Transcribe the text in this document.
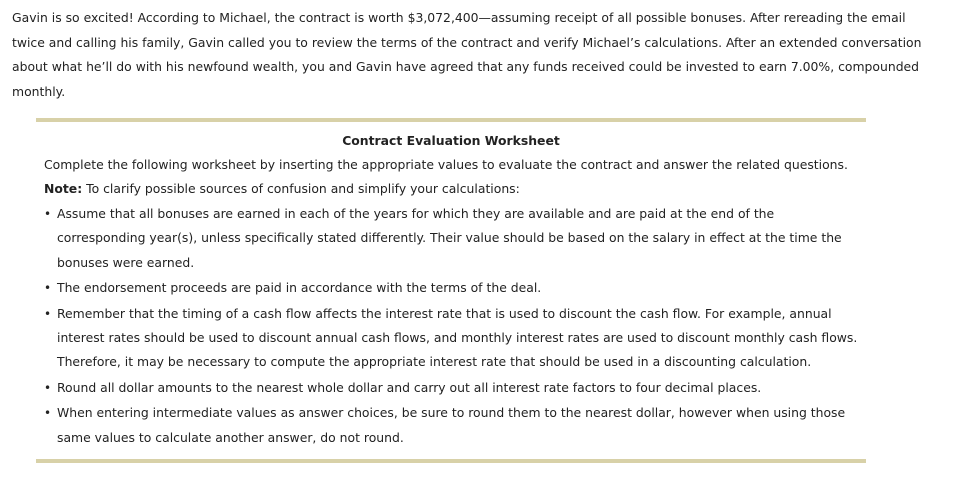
Gavin is so excited! According to Michael, the contract is worth $3,072,400—assuming receipt of all possible bonuses. After rereading the email twice and calling his family, Gavin called you to review the terms of the contract and verify Michael’s calculations. After an extended conversation about what he’ll do with his newfound wealth, you and Gavin have agreed that any funds received could be invested to earn 7.00%, compounded monthly.

Contract Evaluation Worksheet
Complete the following worksheet by inserting the appropriate values to evaluate the contract and answer the related questions.
Note: To clarify possible sources of confusion and simplify your calculations:
• Assume that all bonuses are earned in each of the years for which they are available and are paid at the end of the corresponding year(s), unless specifically stated differently. Their value should be based on the salary in effect at the time the bonuses were earned.
• The endorsement proceeds are paid in accordance with the terms of the deal.
• Remember that the timing of a cash flow affects the interest rate that is used to discount the cash flow. For example, annual interest rates should be used to discount annual cash flows, and monthly interest rates are used to discount monthly cash flows. Therefore, it may be necessary to compute the appropriate interest rate that should be used in a discounting calculation.
• Round all dollar amounts to the nearest whole dollar and carry out all interest rate factors to four decimal places.
• When entering intermediate values as answer choices, be sure to round them to the nearest dollar, however when using those same values to calculate another answer, do not round.
